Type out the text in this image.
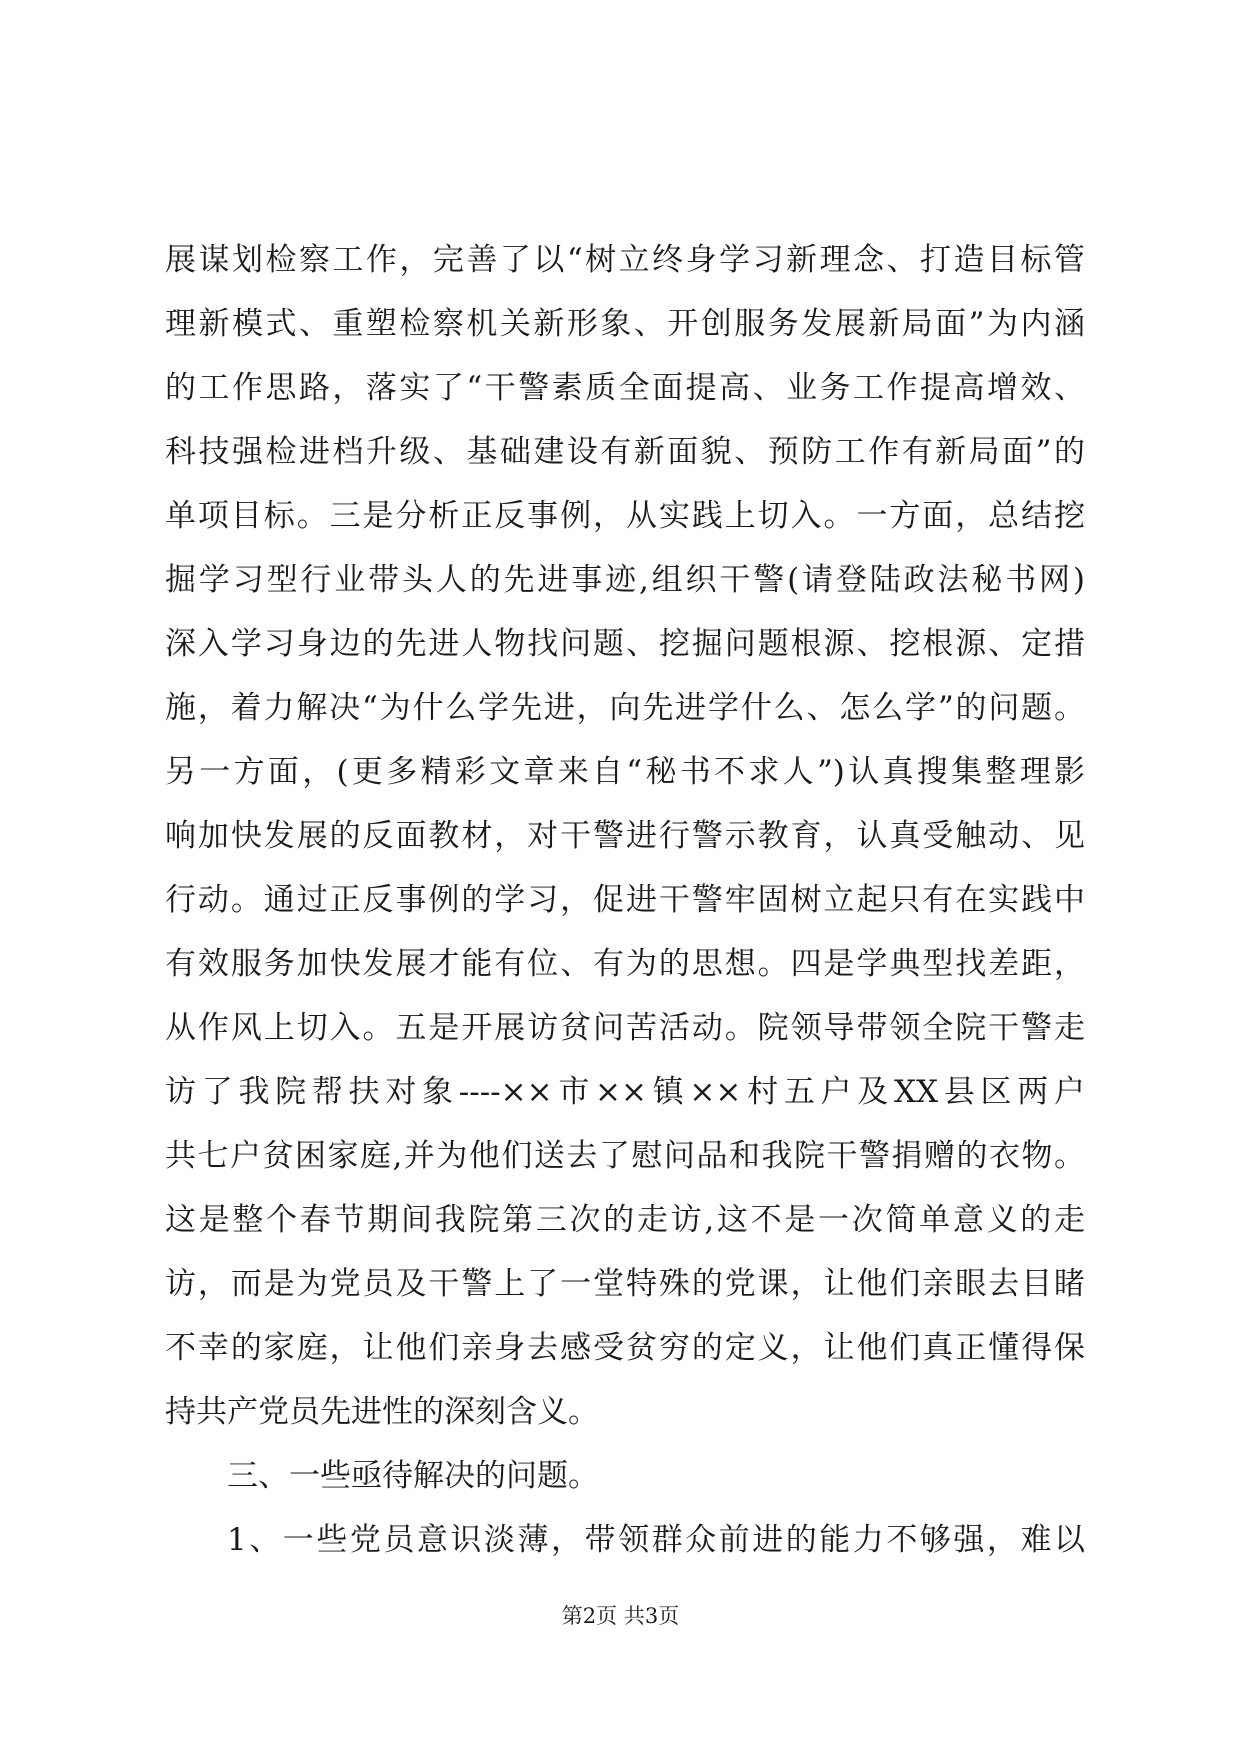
展谋划检察工作，完善了以“树立终身学习新理念、打造目标管
理新模式、重塑检察机关新形象、开创服务发展新局面”为内涵
的工作思路，落实了“干警素质全面提高、业务工作提高增效、
科技强检进档升级、基础建设有新面貌、预防工作有新局面”的
单项目标。三是分析正反事例，从实践上切入。一方面，总结挖
掘学习型行业带头人的先进事迹,组织干警(请登陆政法秘书网)
深入学习身边的先进人物找问题、挖掘问题根源、挖根源、定措
施，着力解决“为什么学先进，向先进学什么、怎么学”的问题。
另一方面，(更多精彩文章来自“秘书不求人”)认真搜集整理影
响加快发展的反面教材，对干警进行警示教育，认真受触动、见
行动。通过正反事例的学习，促进干警牢固树立起只有在实践中
有效服务加快发展才能有位、有为的思想。四是学典型找差距，
从作风上切入。五是开展访贫问苦活动。院领导带领全院干警走
访了我院帮扶对象----××市××镇××村五户及XX县区两户
共七户贫困家庭,并为他们送去了慰问品和我院干警捐赠的衣物。
这是整个春节期间我院第三次的走访,这不是一次简单意义的走
访，而是为党员及干警上了一堂特殊的党课，让他们亲眼去目睹
不幸的家庭，让他们亲身去感受贫穷的定义，让他们真正懂得保
持共产党员先进性的深刻含义。
三、一些亟待解决的问题。
1、一些党员意识淡薄，带领群众前进的能力不够强，难以
第2页 共3页
